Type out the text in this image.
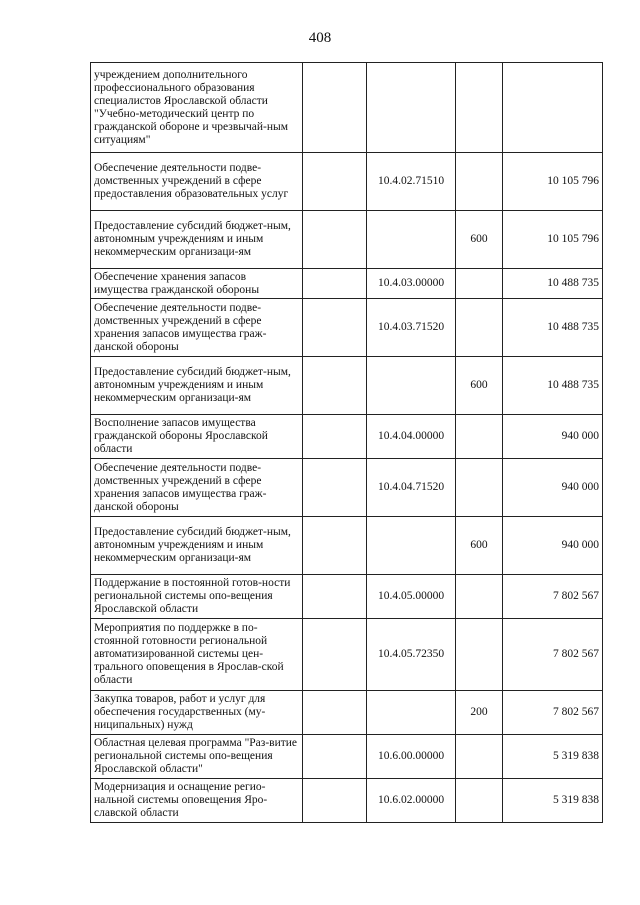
408
учреждением дополнительного профессионального образования специалистов Ярославской области "Учебно-методический центр по гражданской обороне и чрезвычай-ным ситуациям"				
Обеспечение деятельности подве-домственных учреждений в сфере предоставления образовательных услуг		10.4.02.71510		10 105 796
Предоставление субсидий бюджет-ным, автономным учреждениям и иным некоммерческим организаци-ям			600	10 105 796
Обеспечение хранения запасов имущества гражданской обороны		10.4.03.00000		10 488 735
Обеспечение деятельности подве-домственных учреждений в сфере хранения запасов имущества граж-данской обороны		10.4.03.71520		10 488 735
Предоставление субсидий бюджет-ным, автономным учреждениям и иным некоммерческим организаци-ям			600	10 488 735
Восполнение запасов имущества гражданской обороны Ярославской области		10.4.04.00000		940 000
Обеспечение деятельности подве-домственных учреждений в сфере хранения запасов имущества граж-данской обороны		10.4.04.71520		940 000
Предоставление субсидий бюджет-ным, автономным учреждениям и иным некоммерческим организаци-ям			600	940 000
Поддержание в постоянной готов-ности региональной системы опо-вещения Ярославской области		10.4.05.00000		7 802 567
Мероприятия по поддержке в по-стоянной готовности региональной автоматизированной системы цен-трального оповещения в Ярослав-ской области		10.4.05.72350		7 802 567
Закупка товаров, работ и услуг для обеспечения государственных (му-ниципальных) нужд			200	7 802 567
Областная целевая программа "Раз-витие региональной системы опо-вещения Ярославской области"		10.6.00.00000		5 319 838
Модернизация и оснащение регио-нальной системы оповещения Яро-славской области		10.6.02.00000		5 319 838
